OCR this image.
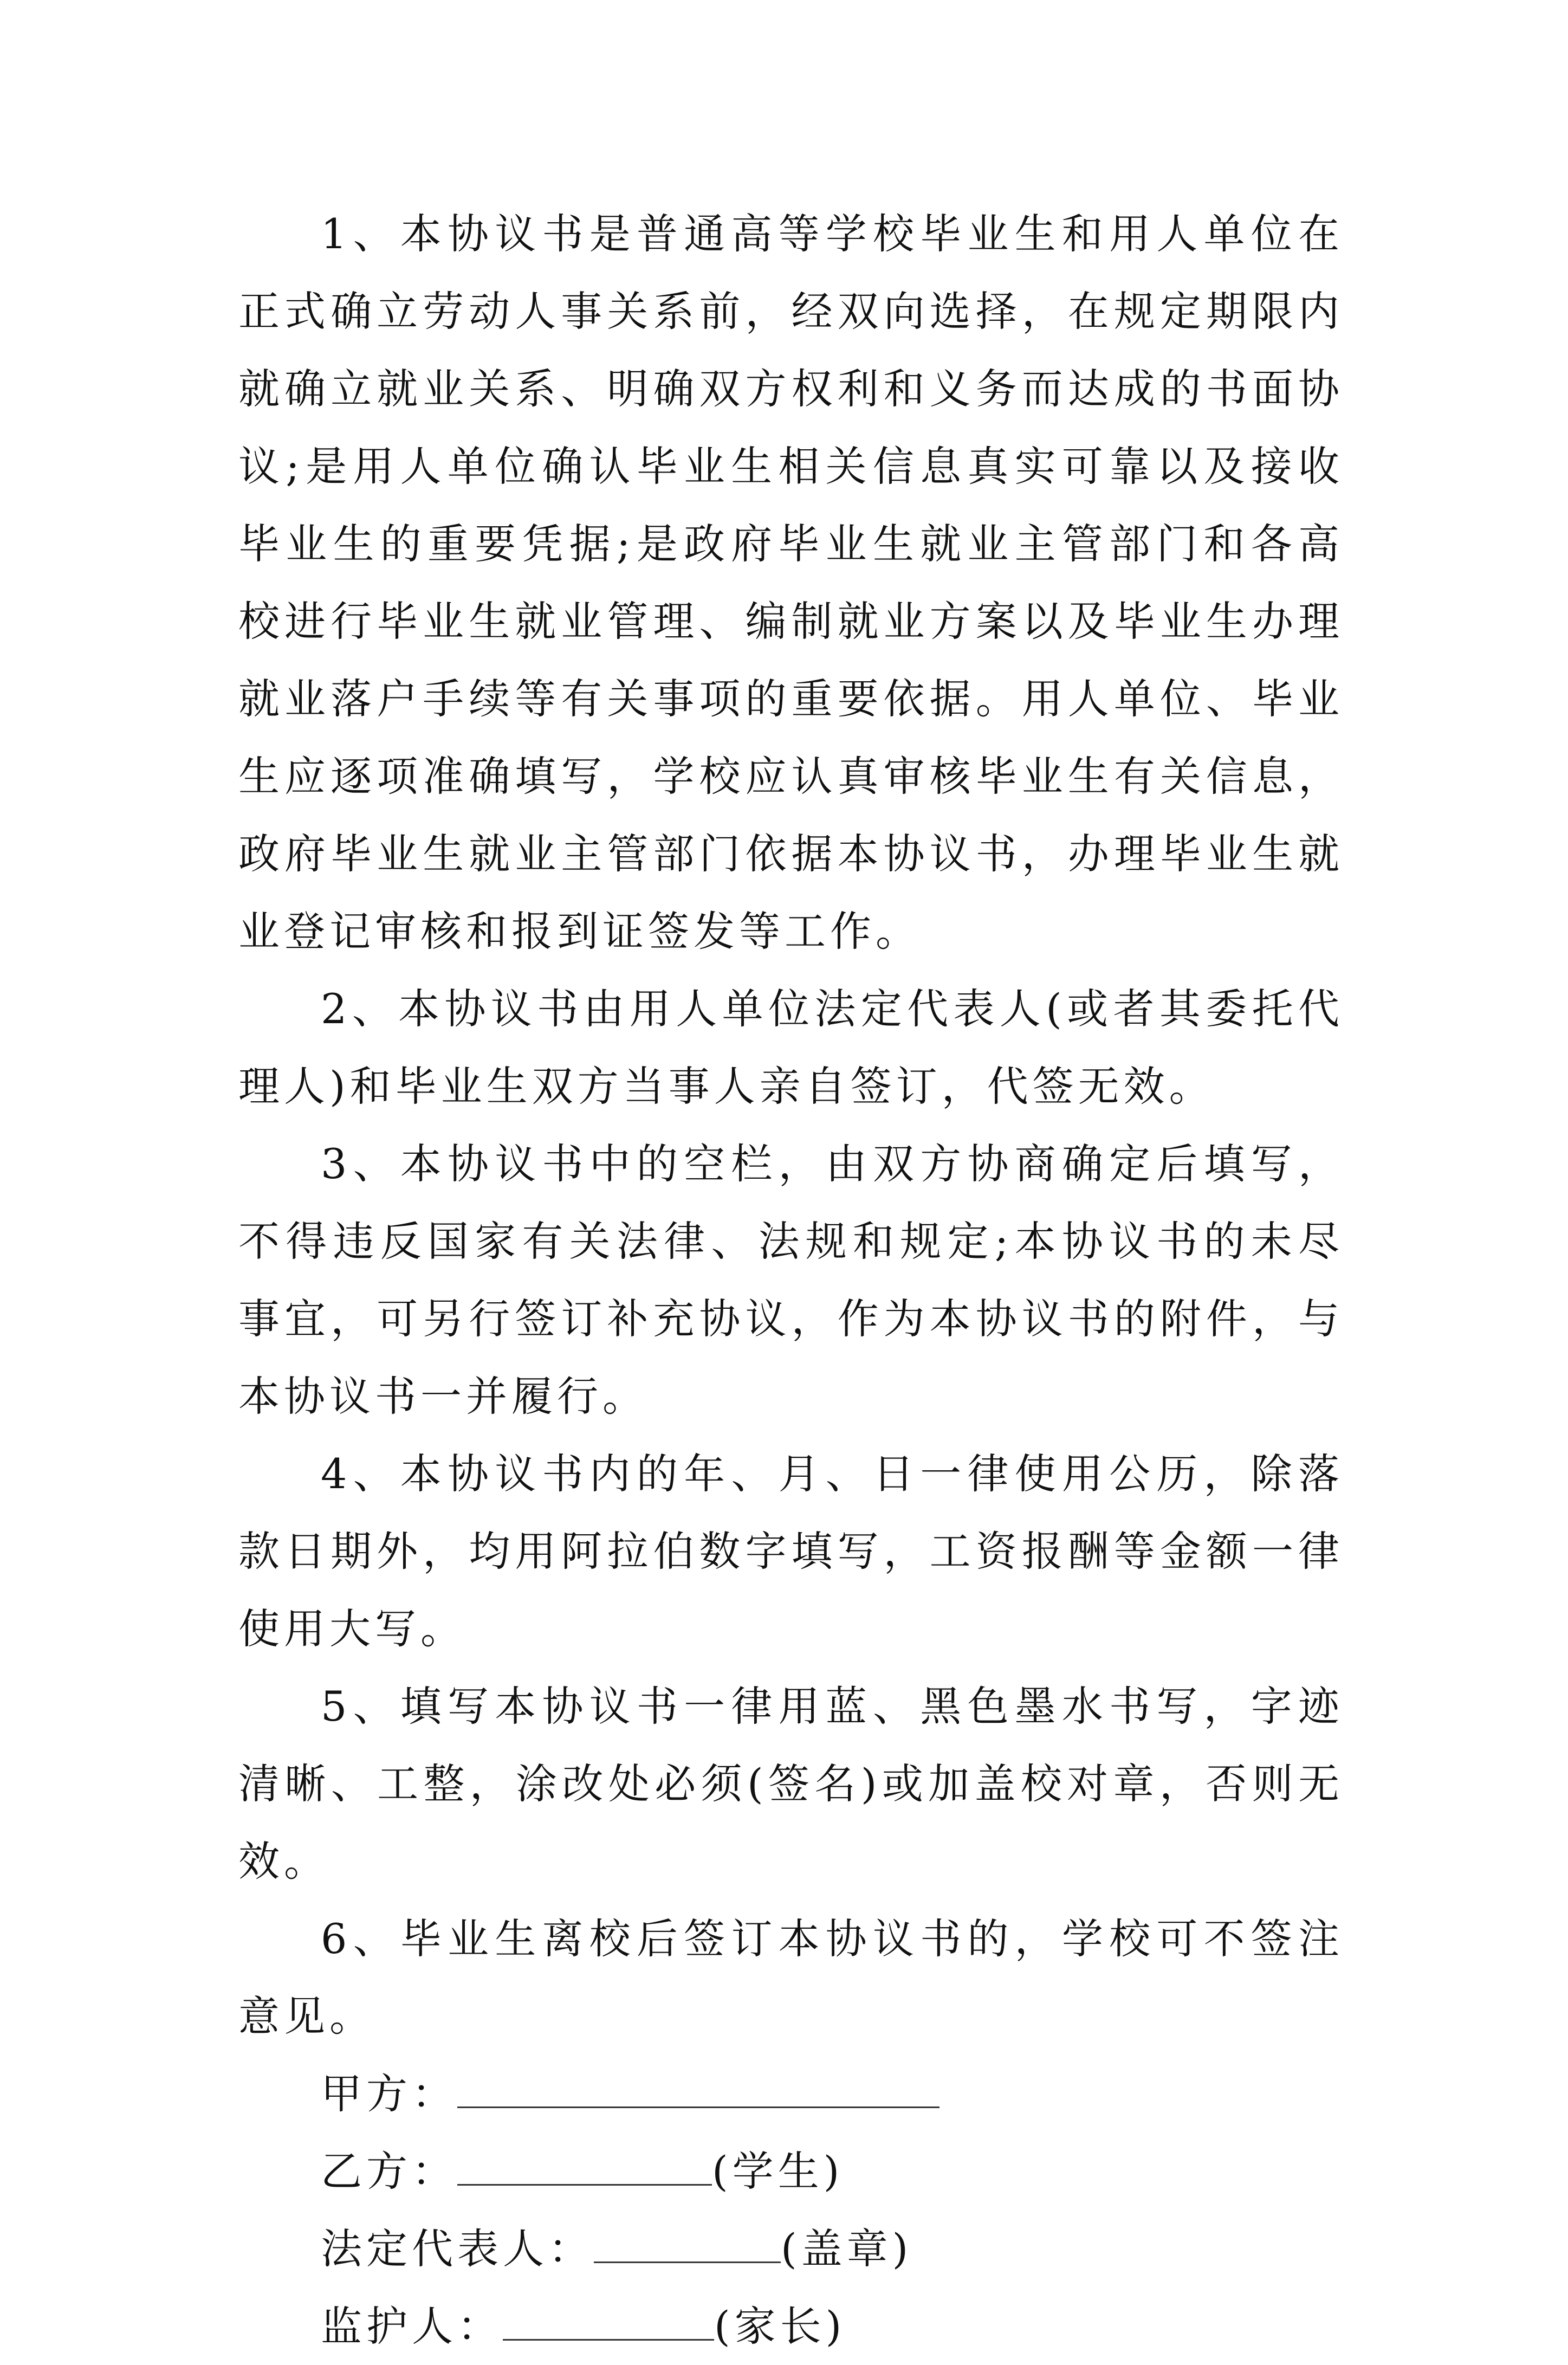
1、本协议书是普通高等学校毕业生和用人单位在正式确立劳动人事关系前，经双向选择，在规定期限内就确立就业关系、明确双方权利和义务而达成的书面协议;是用人单位确认毕业生相关信息真实可靠以及接收毕业生的重要凭据;是政府毕业生就业主管部门和各高校进行毕业生就业管理、编制就业方案以及毕业生办理就业落户手续等有关事项的重要依据。用人单位、毕业生应逐项准确填写，学校应认真审核毕业生有关信息，政府毕业生就业主管部门依据本协议书，办理毕业生就业登记审核和报到证签发等工作。

2、本协议书由用人单位法定代表人(或者其委托代理人)和毕业生双方当事人亲自签订，代签无效。

3、本协议书中的空栏，由双方协商确定后填写，不得违反国家有关法律、法规和规定;本协议书的未尽事宜，可另行签订补充协议，作为本协议书的附件，与本协议书一并履行。

4、本协议书内的年、月、日一律使用公历，除落款日期外，均用阿拉伯数字填写，工资报酬等金额一律使用大写。

5、填写本协议书一律用蓝、黑色墨水书写，字迹清晰、工整，涂改处必须(签名)或加盖校对章，否则无效。

6、毕业生离校后签订本协议书的，学校可不签注意见。

甲方：
乙方：	(学生)
法定代表人：	(盖章)
监护人：	(家长)
